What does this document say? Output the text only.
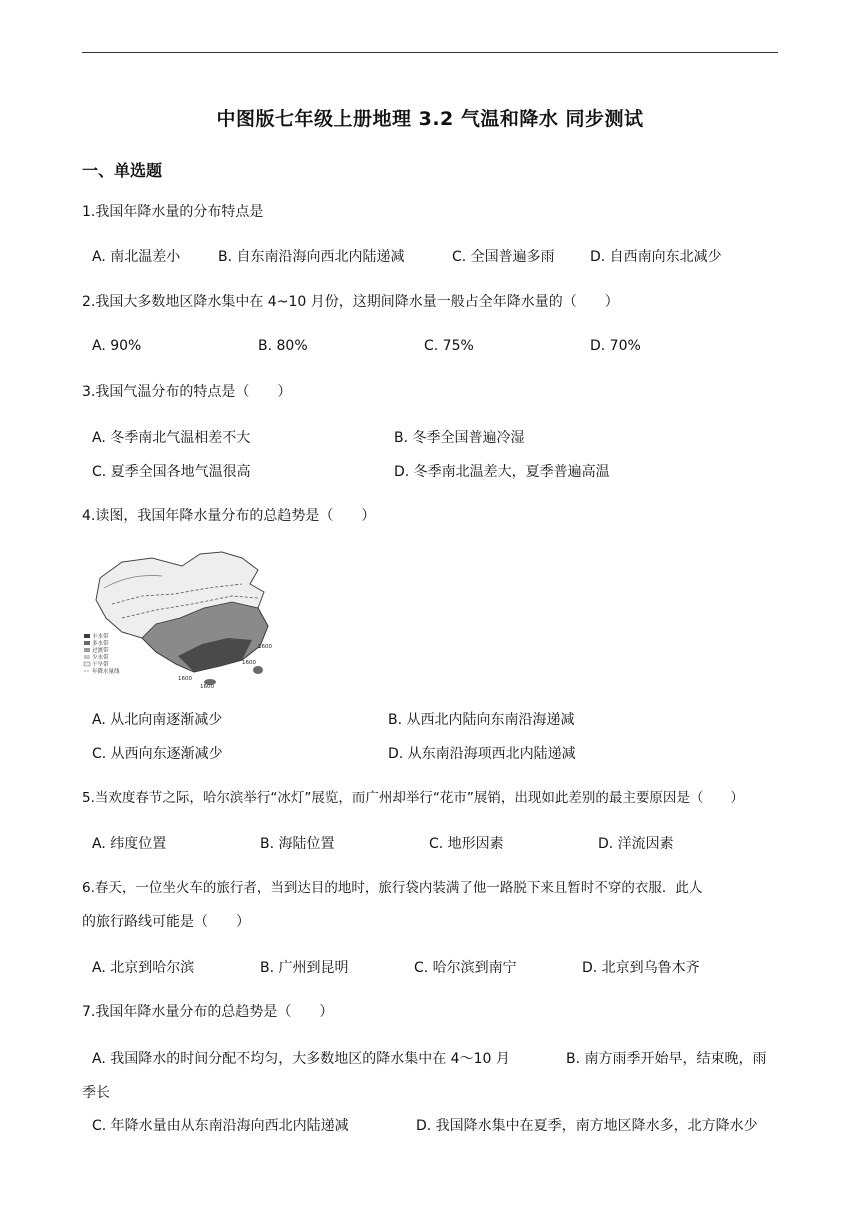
中图版七年级上册地理 3.2 气温和降水 同步测试
一、单选题
1.我国年降水量的分布特点是
A. 南北温差小	B. 自东南沿海向西北内陆递减	C. 全国普遍多雨	D. 自西南向东北减少
2.我国大多数地区降水集中在 4~10 月份，这期间降水量一般占全年降水量的（　　）
A. 90%	B. 80%	C. 75%	D. 70%
3.我国气温分布的特点是（　　）
A. 冬季南北气温相差不大	B. 冬季全国普遍冷湿
C. 夏季全国各地气温很高	D. 冬季南北温差大，夏季普遍高温
4.读图，我国年降水量分布的总趋势是（　　）
1600
1600
1600
1600
丰水带
多水带
过渡带
少水带
干旱带
年降水量线
A. 从北向南逐渐减少	B. 从西北内陆向东南沿海递减
C. 从西向东逐渐减少	D. 从东南沿海项西北内陆递减
5.当欢度春节之际，哈尔滨举行“冰灯”展览，而广州却举行“花市”展销，出现如此差别的最主要原因是（　　）
A. 纬度位置	B. 海陆位置	C. 地形因素	D. 洋流因素
6.春天，一位坐火车的旅行者，当到达目的地时，旅行袋内装满了他一路脱下来且暂时不穿的衣服．此人
的旅行路线可能是（　　）
A. 北京到哈尔滨	B. 广州到昆明	C. 哈尔滨到南宁	D. 北京到乌鲁木齐
7.我国年降水量分布的总趋势是（　　）
A. 我国降水的时间分配不均匀，大多数地区的降水集中在 4～10 月	B. 南方雨季开始早，结束晚，雨
季长
C. 年降水量由从东南沿海向西北内陆递减	D. 我国降水集中在夏季，南方地区降水多，北方降水少
